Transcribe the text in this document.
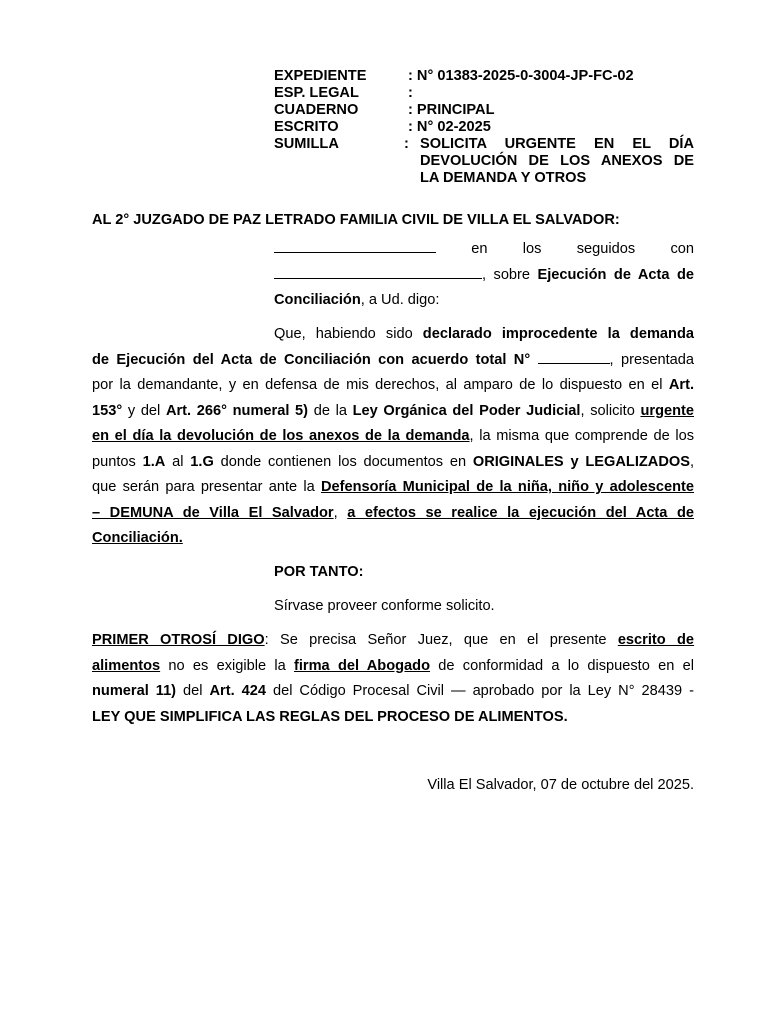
EXPEDIENTE	: N° 01383-2025-0-3004-JP-FC-02
ESP. LEGAL	:
CUADERNO	: PRINCIPAL
ESCRITO	: N° 02-2025
SUMILLA	: SOLICITA URGENTE EN EL DÍA
DEVOLUCIÓN DE LOS ANEXOS DE
LA DEMANDA Y OTROS
AL 2° JUZGADO DE PAZ LETRADO FAMILIA CIVIL DE VILLA EL SALVADOR:
en los seguidos con
, sobre Ejecución de Acta de
Conciliación, a Ud. digo:
Que, habiendo sido declarado improcedente la demanda
de Ejecución del Acta de Conciliación con acuerdo total N°	, presentada
por la demandante, y en defensa de mis derechos, al amparo de lo dispuesto en el Art.
153° y del Art. 266° numeral 5) de la Ley Orgánica del Poder Judicial, solicito urgente
en el día la devolución de los anexos de la demanda, la misma que comprende de los
puntos 1.A al 1.G donde contienen los documentos en ORIGINALES y LEGALIZADOS,
que serán para presentar ante la Defensoría Municipal de la niña, niño y adolescente
– DEMUNA de Villa El Salvador, a efectos se realice la ejecución del Acta de
Conciliación.
POR TANTO:
Sírvase proveer conforme solicito.
PRIMER OTROSÍ DIGO: Se precisa Señor Juez, que en el presente escrito de
alimentos no es exigible la firma del Abogado de conformidad a lo dispuesto en el
numeral 11) del Art. 424 del Código Procesal Civil — aprobado por la Ley N° 28439 -
LEY QUE SIMPLIFICA LAS REGLAS DEL PROCESO DE ALIMENTOS.
Villa El Salvador, 07 de octubre del 2025.
